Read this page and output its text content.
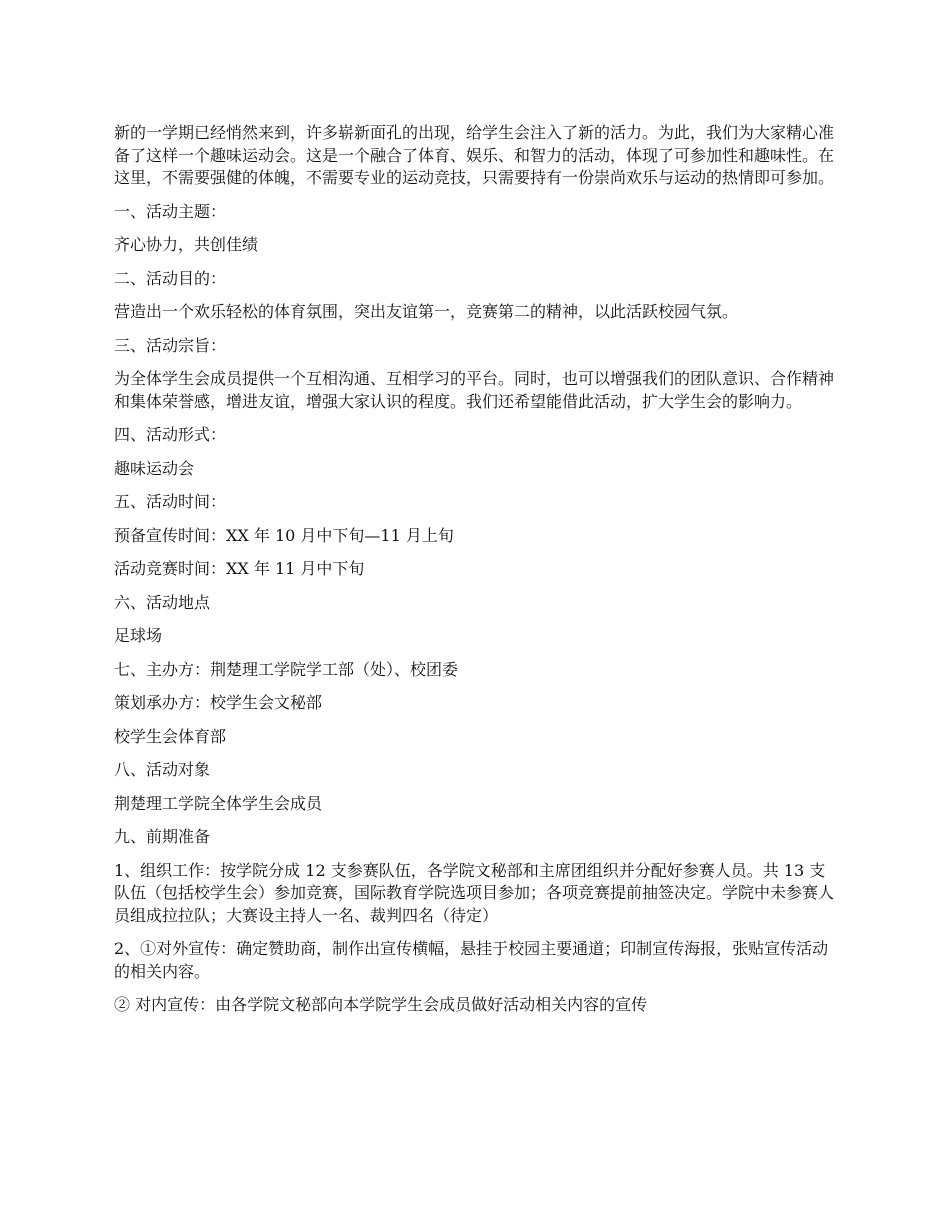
新的一学期已经悄然来到，许多崭新面孔的出现，给学生会注入了新的活力。为此，我们为大家精心准备了这样一个趣味运动会。这是一个融合了体育、娱乐、和智力的活动，体现了可参加性和趣味性。在这里，不需要强健的体魄，不需要专业的运动竞技，只需要持有一份崇尚欢乐与运动的热情即可参加。

一、活动主题：

齐心协力，共创佳绩

二、活动目的：

营造出一个欢乐轻松的体育氛围，突出友谊第一，竞赛第二的精神，以此活跃校园气氛。

三、活动宗旨：

为全体学生会成员提供一个互相沟通、互相学习的平台。同时，也可以增强我们的团队意识、合作精神和集体荣誉感，增进友谊，增强大家认识的程度。我们还希望能借此活动，扩大学生会的影响力。

四、活动形式：

趣味运动会

五、活动时间：

预备宣传时间：XX 年 10 月中下旬—11 月上旬

活动竞赛时间：XX 年 11 月中下旬

六、活动地点

足球场

七、主办方：荆楚理工学院学工部（处）、校团委

策划承办方：校学生会文秘部

校学生会体育部

八、活动对象

荆楚理工学院全体学生会成员

九、前期准备

1、组织工作：按学院分成 12 支参赛队伍，各学院文秘部和主席团组织并分配好参赛人员。共 13 支队伍（包括校学生会）参加竞赛，国际教育学院选项目参加；各项竞赛提前抽签决定。学院中未参赛人员组成拉拉队；大赛设主持人一名、裁判四名（待定）

2、①对外宣传：确定赞助商，制作出宣传横幅，悬挂于校园主要通道；印制宣传海报，张贴宣传活动的相关内容。

② 对内宣传：由各学院文秘部向本学院学生会成员做好活动相关内容的宣传
